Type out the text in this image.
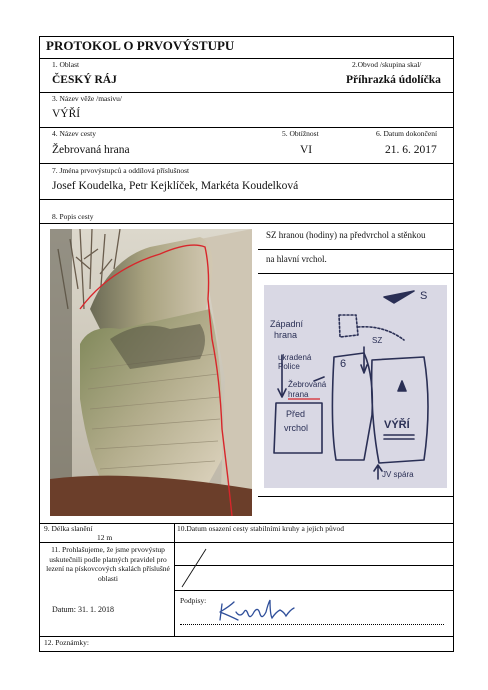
PROTOKOL O PRVOVÝSTUPU
1. Oblast	2.Obvod /skupina skal/
ČESKÝ RÁJ	Příhrazká údolíčka
3. Název věže /masivu/
VÝŘÍ
4. Název cesty	5. Obtížnost	6. Datum dokončení
Žebrovaná hrana	VI	21. 6. 2017
7. Jména prvovýstupců a oddílová příslušnost
Josef Koudelka, Petr Kejklíček, Markéta Koudelková
8. Popis cesty
SZ hranou (hodiny) na předvrchol a stěnkou
na hlavní vrchol.
S
Západní
hrana
SZ
ukradená
Police	6
Žebrovaná
hrana
Před
vrchol	VÝŘÍ
JV spára
9. Délka slanění
12 m
10.Datum osazení cesty stabilními kruhy a jejich původ
11. Prohlašujeme, že jsme prvovýstup uskutečnili podle platných pravidel pro lezení na pískovcových skalách příslušné oblasti
Datum: 31. 1. 2018
Podpisy:
12. Poznámky:
